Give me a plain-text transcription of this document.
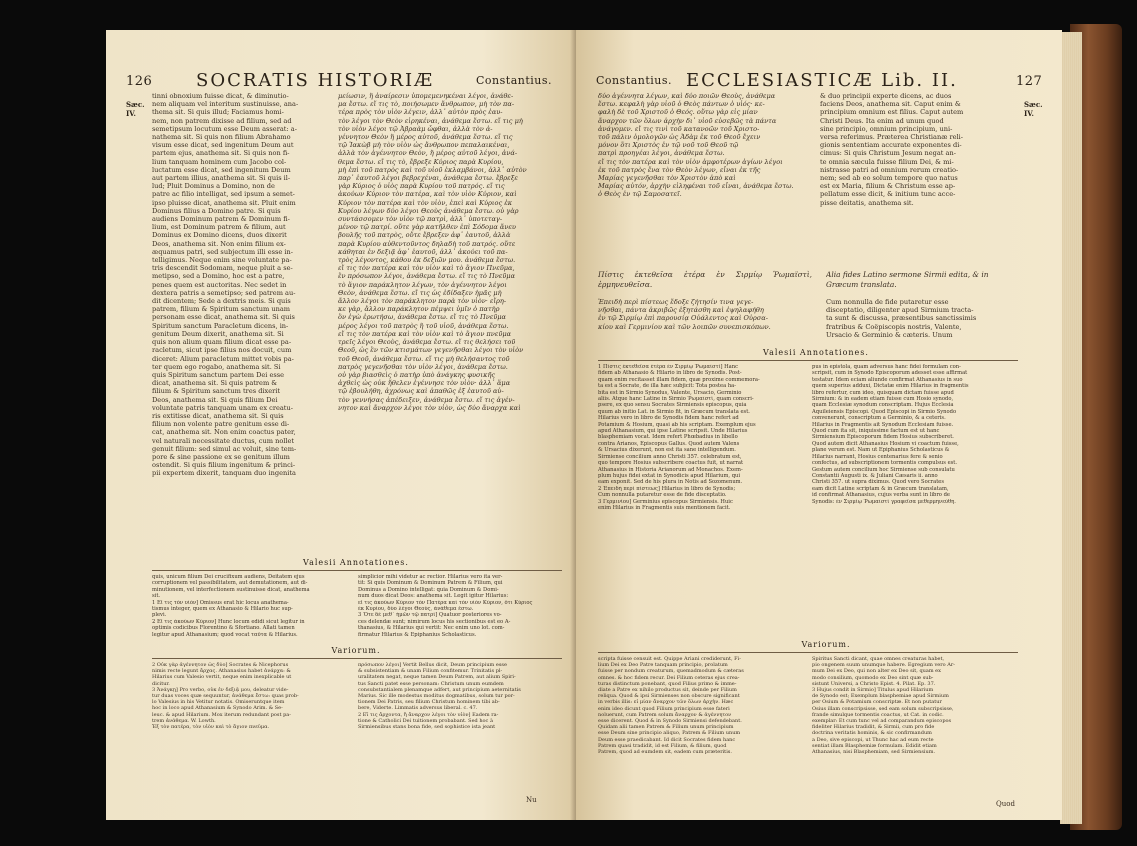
126 SOCRATIS HISTORIÆ	Constantius.
Sæc. IV.
tinni obnoxium fuisse dicat, & diminutio-
nem aliquam vel interitum sustinuisse, ana-
thema sit. Si quis illud; Faciamus homi-
nem, non patrem dixisse ad filium, sed ad
semetipsum locutum esse Deum asserat: a-
nathema sit. Si quis non filium Abrahamo
visum esse dicat, sed ingenitum Deum aut
partem ejus, anathema sit. Si quis non fi-
lium tanquam hominem cum Jacobo col-
luctatum esse dicat, sed ingenitum Deum
aut partem illius, anathema sit. Si quis il-
lud; Pluit Dominus a Domino, non de
patre ac filio intelligat, sed ipsum a semet-
ipso pluisse dicat, anathema sit. Pluit enim
Dominus filius a Domino patre. Si quis
audiens Dominum patrem & Dominum fi-
lium, est Dominum patrem & filium, aut
Dominus ex Domino dicens, duos dixerit
Deos, anathema sit. Non enim filium ex-
æquamus patri, sed subjectum illi esse in-
telligimus. Neque enim sine voluntate pa-
tris descendit Sodomam, neque pluit a se-
metipso, sed a Domino, hoc est a patre,
penes quem est auctoritas. Nec sedet in
dextera patris a semetipso; sed patrem au-
dit dicentem; Sede a dextris meis. Si quis
patrem, filium & Spiritum sanctum unam
personam esse dicat, anathema sit. Si quis
Spiritum sanctum Paracletum dicens, in-
genitum Deum dixerit, anathema sit. Si
quis non alium quam filium dicat esse pa-
racletum, sicut ipse filius nos docuit, cum
diceret: Alium paracletum mittet vobis pa-
ter quem ego rogabo, anathema sit. Si
quis Spiritum sanctum partem Dei esse
dicat, anathema sit. Si quis patrem &
filium & Spiritum sanctum tres dixerit
Deos, anathema sit. Si quis filium Dei
voluntate patris tanquam unam ex creatu-
ris extitisse dicat, anathema sit. Si quis
filium non volente patre genitum esse di-
cat, anathema sit. Non enim coactus pater,
vel naturali necessitate ductus, cum nollet
genuit filium: sed simul ac voluit, sine tem-
pore & sine passione ex se genitum illum
ostendit. Si quis filium ingenitum & princi-
pii expertem dixerit, tanquam duo ingenita
μείωσιν, ἢ ἀναίρεσιν ὑπομεμενηκέναι λέγοι, ἀνάθε-
μα ἔστω. εἴ τις τὸ, ποιήσωμεν ἄνθρωπον, μὴ τὸν πα-
τέρα πρὸς τὸν υἱὸν λέγειν, ἀλλ᾽ αὐτὸν πρὸς ἑαυ-
τὸν λέγοι τὸν Θεὸν εἰρηκέναι, ἀνάθεμα ἔστω. εἴ τις μὴ
τὸν υἱὸν λέγοι τῷ Ἀβραὰμ ὦφθαι, ἀλλὰ τὸν ἀ-
γέννητον Θεὸν ἢ μέρος αὐτοῦ, ἀνάθεμα ἔστω. εἴ τις
τῷ Ἰακὼβ μὴ τὸν υἱὸν ὡς ἄνθρωπον πεπαλαικέναι,
ἀλλὰ τὸν ἀγέννητον Θεὸν, ἢ μέρος αὐτοῦ λέγοι, ἀνά-
θεμα ἔστω. εἴ τις τὸ, ἔβρεξε Κύριος παρὰ Κυρίου,
μὴ ἐπὶ τοῦ πατρὸς καὶ τοῦ υἱοῦ ἐκλαμβάνοι, ἀλλ᾽ αὐτὸν
παρ᾽ ἑαυτοῦ λέγοι βεβρεχέναι, ἀνάθεμα ἔστω. ἔβρεξε
γὰρ Κύριος ὁ υἱὸς παρὰ Κυρίου τοῦ πατρός. εἴ τις
ἀκούων Κύριον τὸν πατέρα, καὶ τὸν υἱὸν Κύριον, καὶ
Κύριον τὸν πατέρα καὶ τὸν υἱὸν, ἐπεὶ καὶ Κύριος ἐκ
Κυρίου λέγων δύο λέγοι Θεοὺς ἀνάθεμα ἔστω. οὐ γὰρ
συντάσσομεν τὸν υἱὸν τῷ πατρὶ, ἀλλ᾽ ὑποτεταγ-
μένον τῷ πατρί. οὔτε γὰρ κατῆλθεν ἐπὶ Σόδομα ἄνευ
βουλῆς τοῦ πατρὸς, οὔτε ἔβρεξεν ἀφ᾽ ἑαυτοῦ, ἀλλὰ
παρὰ Κυρίου αὐθεντοῦντος δηλαδὴ τοῦ πατρός. οὔτε
κάθηται ἐν δεξιᾷ ἀφ᾽ ἑαυτοῦ, ἀλλ᾽ ἀκούει τοῦ πα-
τρὸς λέγοντος, κάθου ἐκ δεξιῶν μου. ἀνάθεμα ἔστω.
εἴ τις τὸν πατέρα καὶ τὸν υἱὸν καὶ τὸ ἅγιον Πνεῦμα,
ἓν πρόσωπον λέγοι, ἀνάθεμα ἔστω. εἴ τις τὸ Πνεῦμα
τὸ ἅγιον παράκλητον λέγων, τὸν ἀγέννητον λέγοι
Θεὸν, ἀνάθεμα ἔστω. εἴ τις ὡς ἐδίδαξεν ἡμᾶς μὴ
ἄλλον λέγοι τὸν παράκλητον παρὰ τὸν υἱὸν· εἴρη-
κε γὰρ, ἄλλον παράκλητον πέμψει ὑμῖν ὁ πατὴρ
ὃν ἐγὼ ἐρωτήσω, ἀνάθεμα ἔστω. εἴ τις τὸ Πνεῦμα
μέρος λέγοι τοῦ πατρὸς ἢ τοῦ υἱοῦ, ἀνάθεμα ἔστω.
εἴ τις τὸν πατέρα καὶ τὸν υἱὸν καὶ τὸ ἅγιον πνεῦμα
τρεῖς λέγοι Θεοὺς, ἀνάθεμα ἔστω. εἴ τις θελήσει τοῦ
Θεοῦ, ὡς ἓν τῶν κτισμάτων γεγενῆσθαι λέγοι τὸν υἱὸν
τοῦ Θεοῦ, ἀνάθεμα ἔστω. εἴ τις μὴ θελήσαντος τοῦ
πατρὸς γεγενῆσθαι τὸν υἱὸν λέγοι, ἀνάθεμα ἔστω.
οὐ γὰρ βιασθεὶς ὁ πατὴρ ὑπὸ ἀνάγκης φυσικῆς
ἀχθεὶς ὡς οὐκ ἤθελεν ἐγέννησε τὸν υἱὸν· ἀλλ᾽ ἅμα
τῷ ἐβουλήθη, ἀχρόνως καὶ ἀπαθῶς ἐξ ἑαυτοῦ αὐ-
τὸν γεννήσας ἀπέδειξεν, ἀνάθεμα ἔστω. εἴ τις ἀγέν-
νητον καὶ ἄναρχον λέγοι τὸν υἱὸν, ὡς δύο ἄναρχα καὶ
Valesii Annotationes.
quis, unicum filium Dei crucifixum audiens, Deitatem ejus
corruptionem vel passibilitatem, aut demutationem, aut di-
minutionem, vel interfectionem sustinuisse dicat, anathema
sit.
1 Εἴ τις τὸν υἱὸν] Omissus erat hic locus anathema-
tismus integer, quem ex Athanasio & Hilario huc sup-
plevi.
2 Εἴ τις ἀκούων Κύριον] Hunc locum edidi sicut legitur in
optimis codicibus Florentino & Sfortiano. Allati tamen
legitur apud Athanasium; quod vocat ταῦτα & Hilarius.
simplicior mihi videtur ac rectior. Hilarius vero ita ver-
tit: Si quis Dominum & Dominum Patrem & Filium, qui
Dominus a Domino intelligat: quia Dominum & Domi-
num duos dicat Deos: anathema sit. Legit igitur Hilarius:
εἴ τις ἀκούων Κύριον τὸν Πατέρα καὶ τὸν υἱὸν Κύριον, ὅτι Κύριος
ἐκ Κυρίου, δύο λέγοι Θεοὺς, ἀνάθεμα ἔστω.
3 Ὅτε δὲ μεθ᾽ ἡμῶν τῷ πατρὶ] Quatuor posteriores vo-
ces delendæ sunt; nimirum locus his sectionibus est eo A-
thanasius, & Hilarius qui vertit: Nec enim uno lot. com-
firmatur Hilarius & Epiphanius Scholasticus.
Variorum.
2 Οὐκ γὰρ ἀγέννητον ὡς δύο] Socrates & Nicephorus
nimis recte legunt ἄρχας. Athanasius habet ἀνάρχα: &
Hilarius cum Valesio vertit, neque enim inexplicable ut
dicitur.
3 Ἀνάγκῃ] Pro verbo, οὐκ ἐν δεξιᾷ μου, deleatur vide-
tur duas voces quæ sequuntur, ἀνάθεμα ἔστω: quas prob-
lo Valesius in his Vetitur notatis. Omiseruntque item
hoc in loco apud Athanasium & Synodo Arim. & Se-
leuc. & apud Hilarium. Mox iterum redundant post pa-
trem ἀνάθεμα. W. Lowth.
Ἐξ τὸν πατέρα, τὸν υἱὸν καὶ τὸ ἅγιον πνεῦμα.
πρόσωπον λέγοι] Vertit Bellus dicit, Deum principium esse
& subsistentiam & unam Filium confitemur. Trinitatis pl-
uralitatem negat, neque tamen Deum Patrem, aut alium Spiri-
tus Sancti patet esse personam: Christum unum eumdem
consubstantialem plenamque adfert, aut principium aeternitatis
Marius. Sic ille modestus moditus dogmatibus, solum tur por-
tionem Dei Patris, seu filium Christum hominem tibi ab-
bere, Viderte. Limmatis adversus liberal. c. 47.
2 Εἴ τις ἄρχοντα, ἢ ἄναρχον λέγοι τὸν υἱὸν] Eadem ra-
tione & Catholici Dei tuitionem probabant. Sed hoc à
Sirmiensibus stans bona fide, sed sophistice ista jeant
Nu
Constantius. ECCLESIASTICÆ Lib. II.	127
Sæc. IV.
δύο ἀγέννητα λέγων, καὶ δύο ποιῶν Θεοὺς, ἀνάθεμα
ἔστω. κεφαλὴ γὰρ υἱοῦ ὁ Θεὸς πάντων ὁ υἱός· κε-
φαλὴ δὲ τοῦ Χριστοῦ ὁ Θεός. οὕτω γὰρ εἰς μίαν
ἄναρχον τῶν ὅλων ἀρχὴν δι᾽ υἱοῦ εὐσεβῶς τὰ πάντα
ἀνάγομεν. εἴ τις τινὶ τοῦ κατανοῶν τοῦ Χριστο-
τοῦ πάλιν ὁμολογῶν ὡς Ἀδὰμ ἐκ τοῦ Θεοῦ ἔχειν
μόνον ὅτι Χριστὸς ἐν τῷ νοῦ τοῦ Θεοῦ τῷ
πατρὶ προηγέαι λέγοι, ἀνάθεμα ἔστω.
εἴ τις τὸν πατέρα καὶ τὸν υἱὸν ἀμφοτέρων ἁγίων λέγοι
ἐκ τοῦ πατρὸς ἕνα τὸν Θεὸν λέγων, εἶναι ἐκ τῆς
Μαρίας γεγενῆσθαι τὸν Χριστὸν ἀπὸ καὶ
Μαρίας αὐτόν, ἀρχὴν εἰληφέναι τοῦ εἶναι, ἀνάθεμα ἔστω.
ὁ Θεὸς ἐν τῷ Σαμοσατεῖ.
& duo principii experte dicens, ac duos
faciens Deos, anathema sit. Caput enim &
principium omnium est filius. Caput autem
Christi Deus. Ita enim ad unum quod
sine principio, omnium principium, uni-
versa referimus. Præterea Christianæ reli-
gionis sententiam accurate exponentes di-
cimus: Si quis Christum Jesum negat an-
te omnia sæcula fuisse filium Dei, & mi-
nistrasse patri ad omnium rerum creatio-
nem; sed ab eo solum tempore quo natus
est ex Maria, filium & Christum esse ap-
pellatum esse dicit, & initium tunc acce-
pisse deitatis, anathema sit.
Πίστις ἐκτεθεῖσα ἑτέρα ἐν Σιρμίῳ Ῥωμαϊστὶ, ἑρμηνευθεῖσα.
Alia fides Latino sermone Sirmii edita, & in Græcum translata.
Ἐπειδὴ περὶ πίστεως ἔδοξε ζήτησίν τινα γεγε-
νῆσθαι, πάντα ἀκριβῶς ἐξητάσθη καὶ ἐψηλαφήθη
ἐν τῷ Σιρμίῳ ἐπὶ παρουσίᾳ Οὐάλεντος καὶ Οὐρσα-
κίου καὶ Γερμινίου καὶ τῶν λοιπῶν συνεπισκόπων.
Cum nonnulla de fide putaretur esse
disceptatio, diligenter apud Sirmium tracta-
ta sunt & discussa, præsentibus sanctissimis
fratribus & Coëpiscopis nostris, Valente,
Ursacio & Germinio & cæteris. Unum
Valesii Annotationes.
1 Πίστις ἐκτεθεῖσα ἑτέρα ἐν Σιρμίῳ Ῥωμαϊστί] Hanc
fidem ab Athanasio & Hilario in libro de Synodis. Post-
quam enim recitasset illam fidem, quæ proxime commemora-
ta est a Socrate, de illa hæc subjicit: Tota postea ha-
bita est in Sirmio Synodus, Valente, Ursacio, Germinio
aliis. Atque hanc Latine in Sirmio Ῥωμαϊστὶ, quam conscri-
psere, ex quo sensu Socrates Sirmiensis episcopus, quia
quum ab initio Lat. in Sirmio fit, in Græcum translata est.
Hilarius vero in libro de Synodis fidem hanc refert ad
Potamium & Hosium, quasi ab his scriptam. Exemplum ejus
apud Athanasium, qui ipse Latine scripsit. Unde Hilarius
blasphemiam vocat. Idem refert Phœbadius in libello
contra Arianos, Episcopus Gallus. Quod autem Valens
& Ursacius dixerunt, non est ita sane intelligendum.
Sirmiense concilium anno Christi 357. celebratum est,
quo tempore Hosius subscribere coactus fuit, ut narrat
Athanasius in Historia Arianorum ad Monachos. Exem-
plum hujus fidei extat in Synodicis apud Hilarium, qui
eam exponit. Sed de his plura in Notis ad Sozomenum.
2 Ἐπειδὴ περὶ πίστεως] Hilarius in libro de Synodis;
Cum nonnulla putaretur esse de fide disceptatio.
3 Γερμινίου] Germinius episcopus Sirmiensis. Huic
enim Hilarius in Fragmentis suis mentionem facit.
pus in epistola, quam adversus hanc fidei formulam con-
scripsit, cum in Synodo Episcoporum adesset esse affirmat
testatur. Idem eciam aliunde confirmat Athanasius in suo
quem superius adduxi, Dictatæ enim Hilarius in fragmentis
libro refertur, cum ideo, quisquam dictam fuisse apud
Sirmium: & in eadem etiam fuisse cum Hosio synodo,
quam Ecclesiæ synodum conscriptam. Hujus Ecclesia
Aquileiensis Episcopi. Quod Episcopi in Sirmio Synodo
convenerunt, conscriptum a Germinio, & a ceteris.
Hilarius in Fragmentis ait Synodum Ecclesiam fuisse.
Quod cum ita sit, iniquissime factum est ut hanc
Sirmiensium Episcoporum fidem Hosius subscriberet.
Quod autem dicit Athanasius Hosium vi coactum fuisse,
plane verum est. Nam ut Epiphanius Scholasticus &
Hilarius narrant, Hosius centenarius fere & senio
confectus, ad subscriptionem tormentis compulsus est.
Gestum autem concilium hoc Sirmiense sub consulatu
Constantii Augusti ix. & Juliani Cæsaris ii. anno
Christi 357. ut supra diximus. Quod vero Socrates
eam dicit Latine scriptam & in Græcum translatam,
id confirmat Athanasius, cujus verba sunt in libro de
Synodis: ἐν Σιρμίῳ Ῥωμαϊστὶ γραφεῖσα μεθερμηνεύθη.
Variorum.
scripta fuisse censuit est. Quippe Ariani crediderunt, Fi-
lium Dei ex Deo Patre tanquam principio, prolatum
fuisse per nondum creaturum, quemadmodum & cæteras
omnes. & hoc fidem recur. Dei Filium ceteras ejus crea-
turas distinctum ponebant, quod Filius primo & imme-
diate a Patre ex nihilo productus sit, deinde per Filium
reliqua. Quod & ipsi Sirmienses non obscure significant
in verbis illis: εἰ μίαν ἄναρχον τῶν ὅλων ἀρχὴν. Hæc
enim ideo dicunt quod Filium principium esse fateri
noluerunt, cum Patrem solum ἄναρχον & ἀγέννητον
esse dicerent. Quod & in Synodo Sirmiensi defendebant.
Quidam alii tamen Patrem & Filium unum principium
esse Deum sine principio aliquo, Patrem & Filium unum
Deum esse praedicabant. Id dicit Socrates fidem hanc
Patrem quasi tradidit, id est Filium, & filium, quod
Patrem, quod ad eumdem sit, eadem cum præteritis.
Spiritus Sancti dicant, quae omnes creaturas habet,
pio ongenem suum unumque habere. Egregium vero Ar-
mum Dei ex Deo, qui non alter ex Deo sit, quam ex
modo consilium, quomodo ex Deo sint quæ sub-
sistunt Universi, a Christo Epist. 4. Pilat. Ep. 37.
3 Hujus condit in Sirmio] Titulus apud Hilarium
de Synodo est; Exemplum blasphemiae apud Sirmium
per Osium & Potamium conscriptæ. Et non putatur
Osius illam conscripsisse, sed eam solum subscripsisse,
frande simulque tormentis coactus, ut Cat. in codic.
exemplar: Et cum tunc vel ad comparandum episcopos
fideliter Hilarius tradidit, & Sirmii, cum pro fide
doctrina veritatis hominis, & sic confirmandum
a Deo, sive episcopi, ut Thunc hac ad eum recte
sentiat illam Blasphemiæ formulam. Edidit etiam
Athanasius, nisi Blasphemiam, sed Sirmiensium.
Quod
